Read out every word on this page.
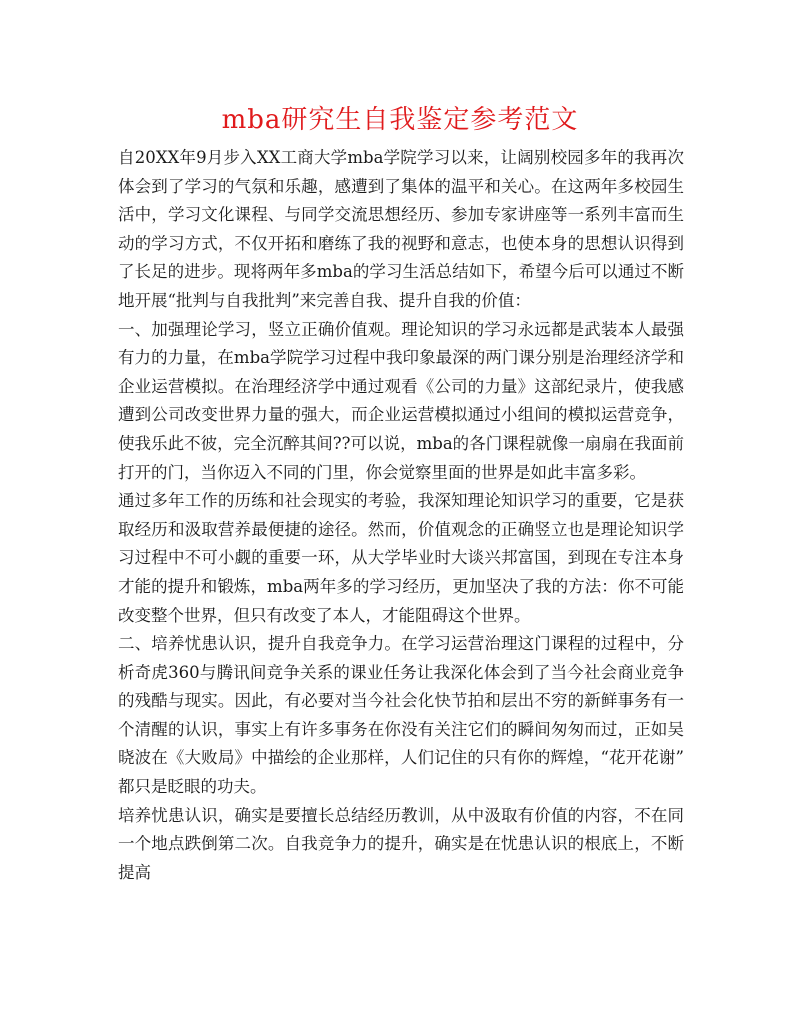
mba研究生自我鉴定参考范文

自20XX年9月步入XX工商大学mba学院学习以来，让阔别校园多年的我再次体会到了学习的气氛和乐趣，感遭到了集体的温平和关心。在这两年多校园生活中，学习文化课程、与同学交流思想经历、参加专家讲座等一系列丰富而生动的学习方式，不仅开拓和磨练了我的视野和意志，也使本身的思想认识得到了长足的进步。现将两年多mba的学习生活总结如下，希望今后可以通过不断地开展“批判与自我批判”来完善自我、提升自我的价值：

一、加强理论学习，竖立正确价值观。理论知识的学习永远都是武装本人最强有力的力量，在mba学院学习过程中我印象最深的两门课分别是治理经济学和企业运营模拟。在治理经济学中通过观看《公司的力量》这部纪录片，使我感遭到公司改变世界力量的强大，而企业运营模拟通过小组间的模拟运营竞争，使我乐此不彼，完全沉醉其间??可以说，mba的各门课程就像一扇扇在我面前打开的门，当你迈入不同的门里，你会觉察里面的世界是如此丰富多彩。

通过多年工作的历练和社会现实的考验，我深知理论知识学习的重要，它是获取经历和汲取营养最便捷的途径。然而，价值观念的正确竖立也是理论知识学习过程中不可小觑的重要一环，从大学毕业时大谈兴邦富国，到现在专注本身才能的提升和锻炼，mba两年多的学习经历，更加坚决了我的方法：你不可能改变整个世界，但只有改变了本人，才能阻碍这个世界。

二、培养忧患认识，提升自我竞争力。在学习运营治理这门课程的过程中，分析奇虎360与腾讯间竞争关系的课业任务让我深化体会到了当今社会商业竞争的残酷与现实。因此，有必要对当今社会化快节拍和层出不穷的新鲜事务有一个清醒的认识，事实上有许多事务在你没有关注它们的瞬间匆匆而过，正如吴晓波在《大败局》中描绘的企业那样，人们记住的只有你的辉煌，“花开花谢”都只是眨眼的功夫。

培养忧患认识，确实是要擅长总结经历教训，从中汲取有价值的内容，不在同一个地点跌倒第二次。自我竞争力的提升，确实是在忧患认识的根底上，不断提高
